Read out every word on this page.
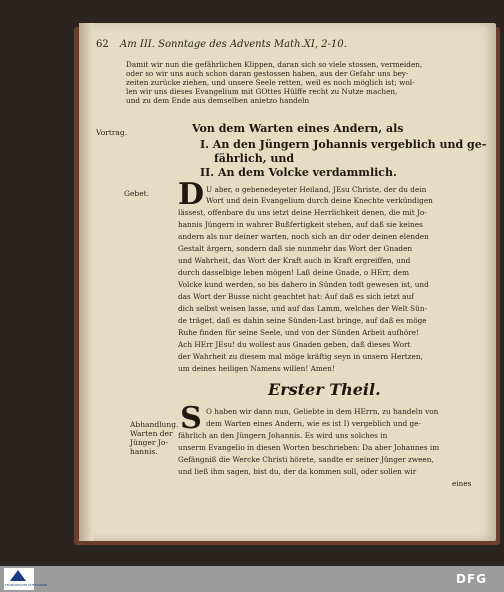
62 Am III. Sonntage des Advents Math.XI, 2-10.
Damit wir nun die gefährlichen Klippen, daran sich so viele stossen, vermeiden,
oder so wir uns auch schon daran gestossen haben, aus der Gefahr uns bey-
zeiten zurücke ziehen, und unsere Seele retten, weil es noch möglich ist; wol-
len wir uns dieses Evangelium mit GOttes Hülffe recht zu Nutze machen,
und zu dem Ende aus demselben anietzo handeln
Vortrag.	Von dem Warten eines Andern, als
I. An den Jüngern Johannis vergeblich und ge-
fährlich, und
II. An dem Volcke verdammlich.
Gebet. D U aber, o gebenedeyeter Heiland, JEsu Christe, der du dein
Wort und dein Evangelium durch deine Knechte verkündigen
lässest, offenbare du uns ietzt deine Herrlichkeit denen, die mit Jo-
hannis Jüngern in wahrer Bußfertigkeit stehen, auf daß sie keines
andern als nur deiner warten, noch sich an dir oder deinen elenden
Gestalt ärgern, sondern daß sie nunmehr das Wort der Gnaden
und Wahrheit, das Wort der Kraft auch in Kraft ergreiffen, und
durch dasselbige leben mögen! Laß deine Gnade, o HErr, dem
Volcke kund werden, so bis dahero in Sünden todt gewesen ist, und
das Wort der Busse nicht geachtet hat: Auf daß es sich ietzt auf
dich selbst weisen lasse, und auf das Lamm, welches der Welt Sün-
de träget, daß es dahin seine Sünden-Last bringe, auf daß es möge
Ruhe finden für seine Seele, und von der Sünden Arbeit aufhöre!
Ach HErr JEsu! du wollest aus Gnaden geben, daß dieses Wort
der Wahrheit zu diesem mal möge kräftig seyn in unsern Hertzen,
um deines heiligen Namens willen! Amen!
Erster Theil.
Abhandlung.
Warten der
Jünger Jo-
hannis.
S O haben wir dann nun, Geliebte in dem HErrn, zu handeln von
dem Warten eines Andern, wie es ist I) vergeblich und ge-
fährlich an den Jüngern Johannis. Es wird uns solches in
unserm Evangelio in diesen Worten beschrieben: Da aber Johannes im
Gefängniß die Wercke Christi hörete, sandte er seiner Jünger zween,
und ließ ihm sagen, bist du, der da kommen soll, oder sollen wir
eines
FRANCKESCHE STIFTUNGEN	DFG
